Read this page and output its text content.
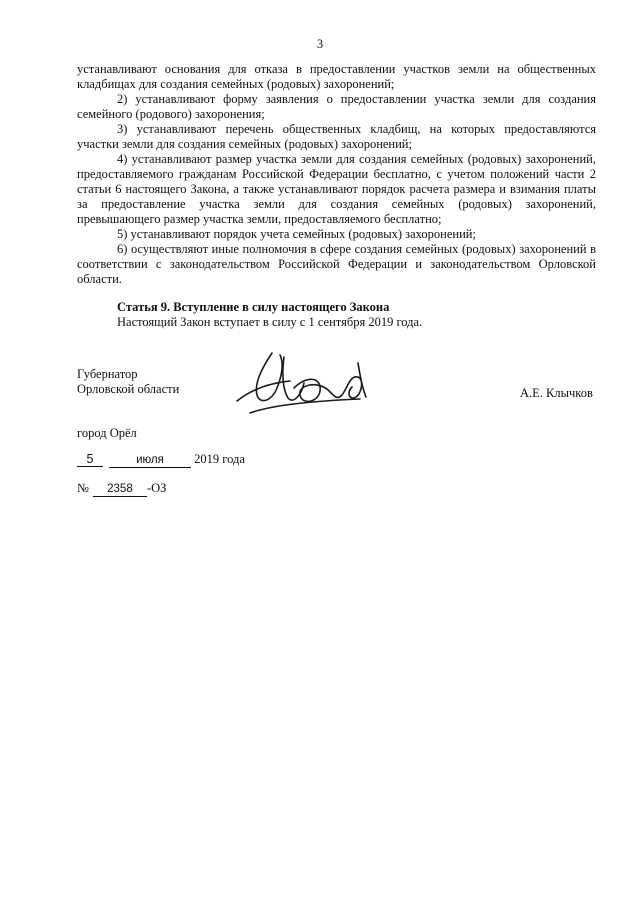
3

устанавливают основания для отказа в предоставлении участков земли на общественных кладбищах для создания семейных (родовых) захоронений;

2) устанавливают форму заявления о предоставлении участка земли для создания семейного (родового) захоронения;

3) устанавливают перечень общественных кладбищ, на которых предоставляются участки земли для создания семейных (родовых) захоронений;

4) устанавливают размер участка земли для создания семейных (родовых) захоронений, предоставляемого гражданам Российской Федерации бесплатно, с учетом положений части 2 статьи 6 настоящего Закона, а также устанавливают порядок расчета размера и взимания платы за предоставление участка земли для создания семейных (родовых) захоронений, превышающего размер участка земли, предоставляемого бесплатно;

5) устанавливают порядок учета семейных (родовых) захоронений;

6) осуществляют иные полномочия в сфере создания семейных (родовых) захоронений в соответствии с законодательством Российской Федерации и законодательством Орловской области.

Статья 9. Вступление в силу настоящего Закона
Настоящий Закон вступает в силу с 1 сентября 2019 года.
Губернатор
Орловской области	А.Е. Клычков
город Орёл
5	июля 2019 года
№ 2358 -ОЗ
